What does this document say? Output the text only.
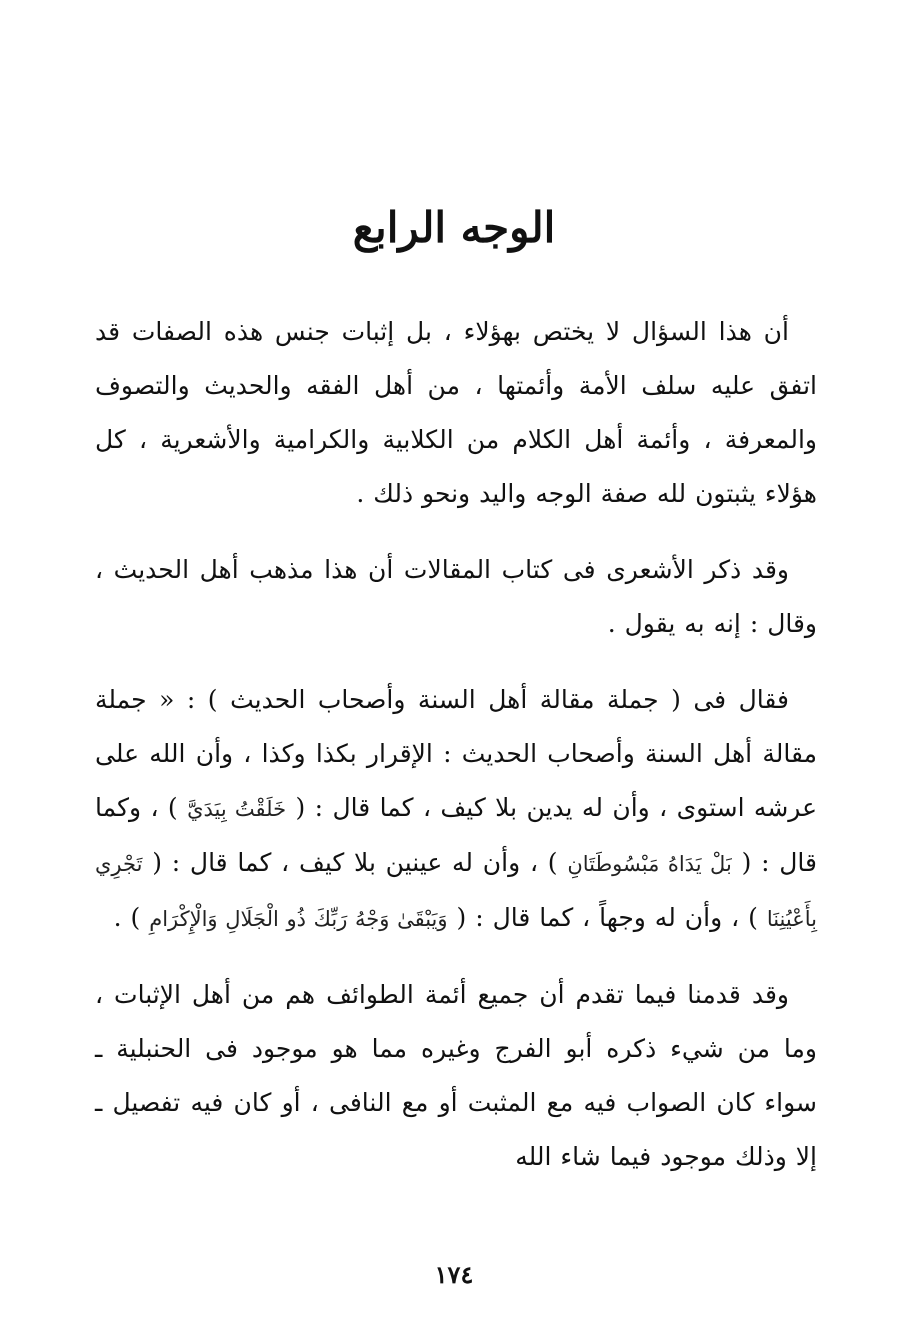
الوجه الرابع

أن هذا السؤال لا يختص بهؤلاء ، بل إثبات جنس هذه الصفات قد اتفق عليه سلف الأمة وأئمتها ، من أهل الفقه والحديث والتصوف والمعرفة ، وأئمة أهل الكلام من الكلابية والكرامية والأشعرية ، كل هؤلاء يثبتون لله صفة الوجه واليد ونحو ذلك .

وقد ذكر الأشعرى فى كتاب المقالات أن هذا مذهب أهل الحديث ، وقال : إنه به يقول .

فقال فى ( جملة مقالة أهل السنة وأصحاب الحديث ) : « جملة مقالة أهل السنة وأصحاب الحديث : الإقرار بكذا وكذا ، وأن الله على عرشه استوى ، وأن له يدين بلا كيف ، كما قال : ( خَلَقْتُ بِيَدَيَّ ) ، وكما قال : ( بَلْ يَدَاهُ مَبْسُوطَتَانِ ) ، وأن له عينين بلا كيف ، كما قال : ( تَجْرِي بِأَعْيُنِنَا ) ، وأن له وجهاً ، كما قال : ( وَيَبْقَىٰ وَجْهُ رَبِّكَ ذُو الْجَلَالِ وَالْإِكْرَامِ ) .

وقد قدمنا فيما تقدم أن جميع أئمة الطوائف هم من أهل الإثبات ، وما من شيء ذكره أبو الفرج وغيره مما هو موجود فى الحنبلية ـ سواء كان الصواب فيه مع المثبت أو مع النافى ، أو كان فيه تفصيل ـ إلا وذلك موجود فيما شاء الله

١٧٤
